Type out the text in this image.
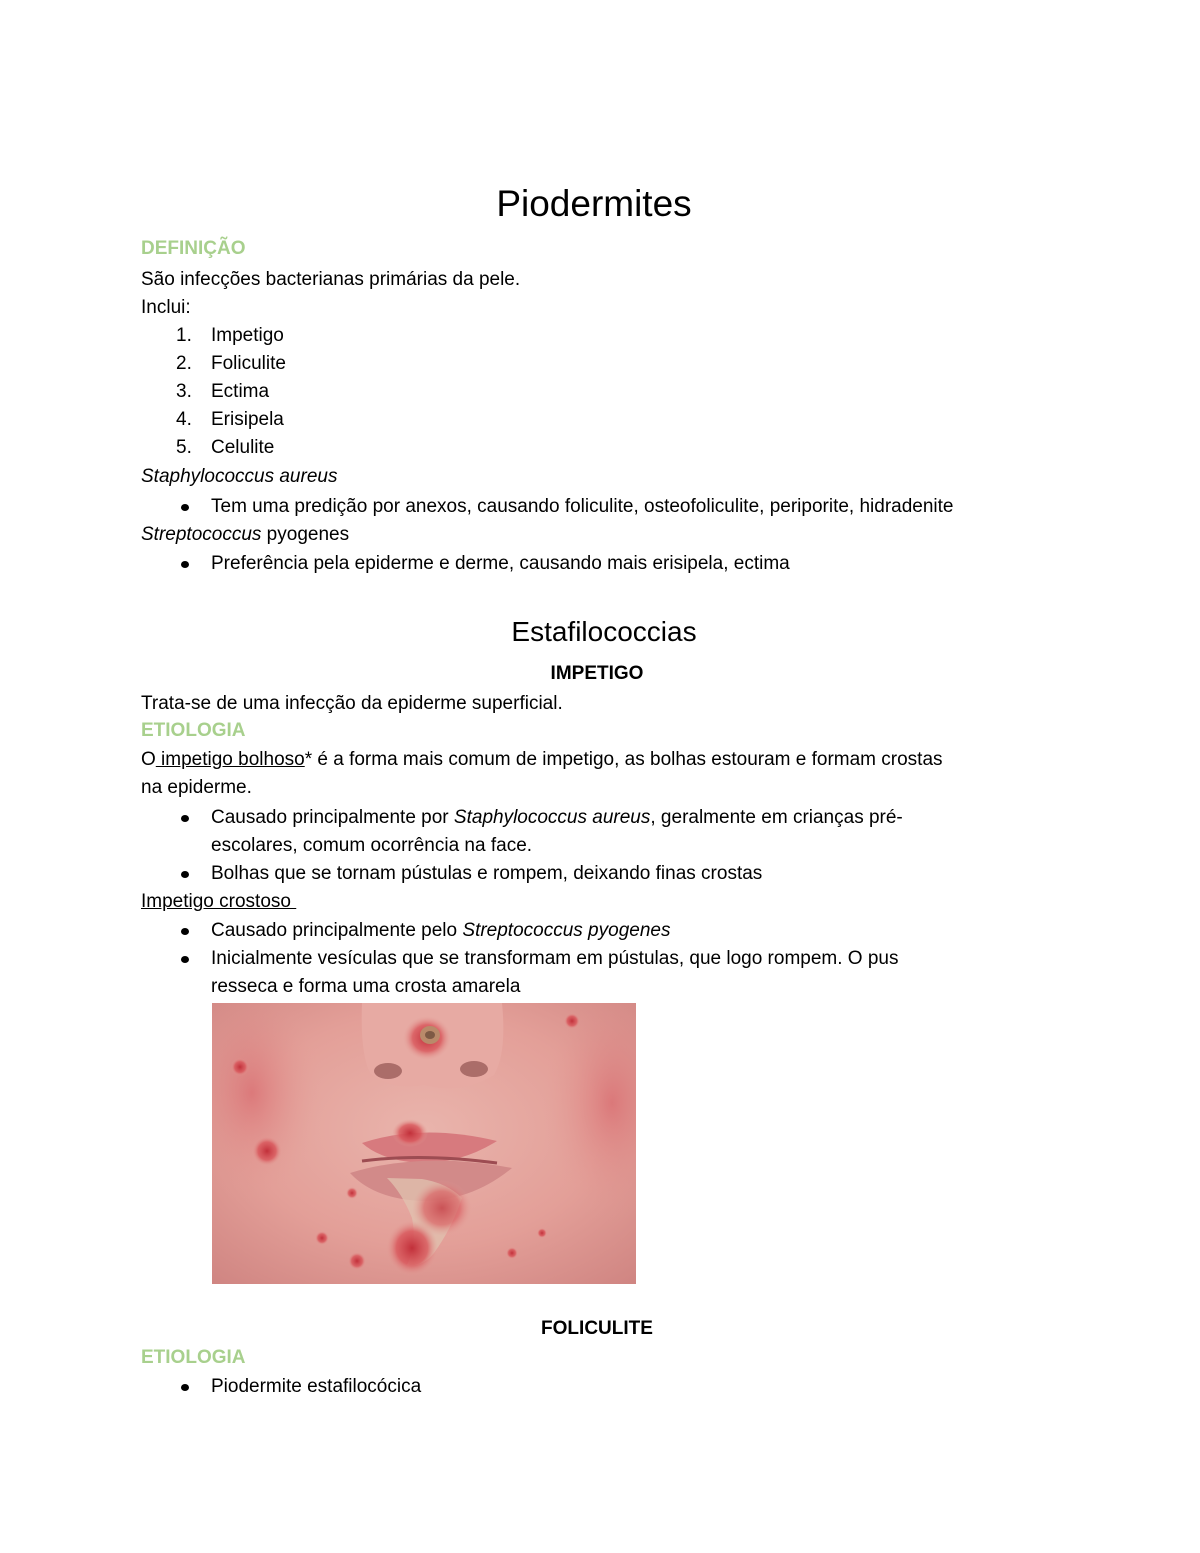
Piodermites
DEFINIÇÃO
São infecções bacterianas primárias da pele.
Inclui:
1. Impetigo
2. Foliculite
3. Ectima
4. Erisipela
5. Celulite
Staphylococcus aureus
Tem uma predição por anexos, causando foliculite, osteofoliculite, periporite, hidradenite
Streptococcus pyogenes
Preferência pela epiderme e derme, causando mais erisipela, ectima
Estafilococcias
IMPETIGO
Trata-se de uma infecção da epiderme superficial.
ETIOLOGIA
O impetigo bolhoso* é a forma mais comum de impetigo, as bolhas estouram e formam crostas
na epiderme.
Causado principalmente por Staphylococcus aureus, geralmente em crianças pré-
escolares, comum ocorrência na face.
Bolhas que se tornam pústulas e rompem, deixando finas crostas
Impetigo crostoso
Causado principalmente pelo Streptococcus pyogenes
Inicialmente vesículas que se transformam em pústulas, que logo rompem. O pus
resseca e forma uma crosta amarela
FOLICULITE
ETIOLOGIA
Piodermite estafilocócica
